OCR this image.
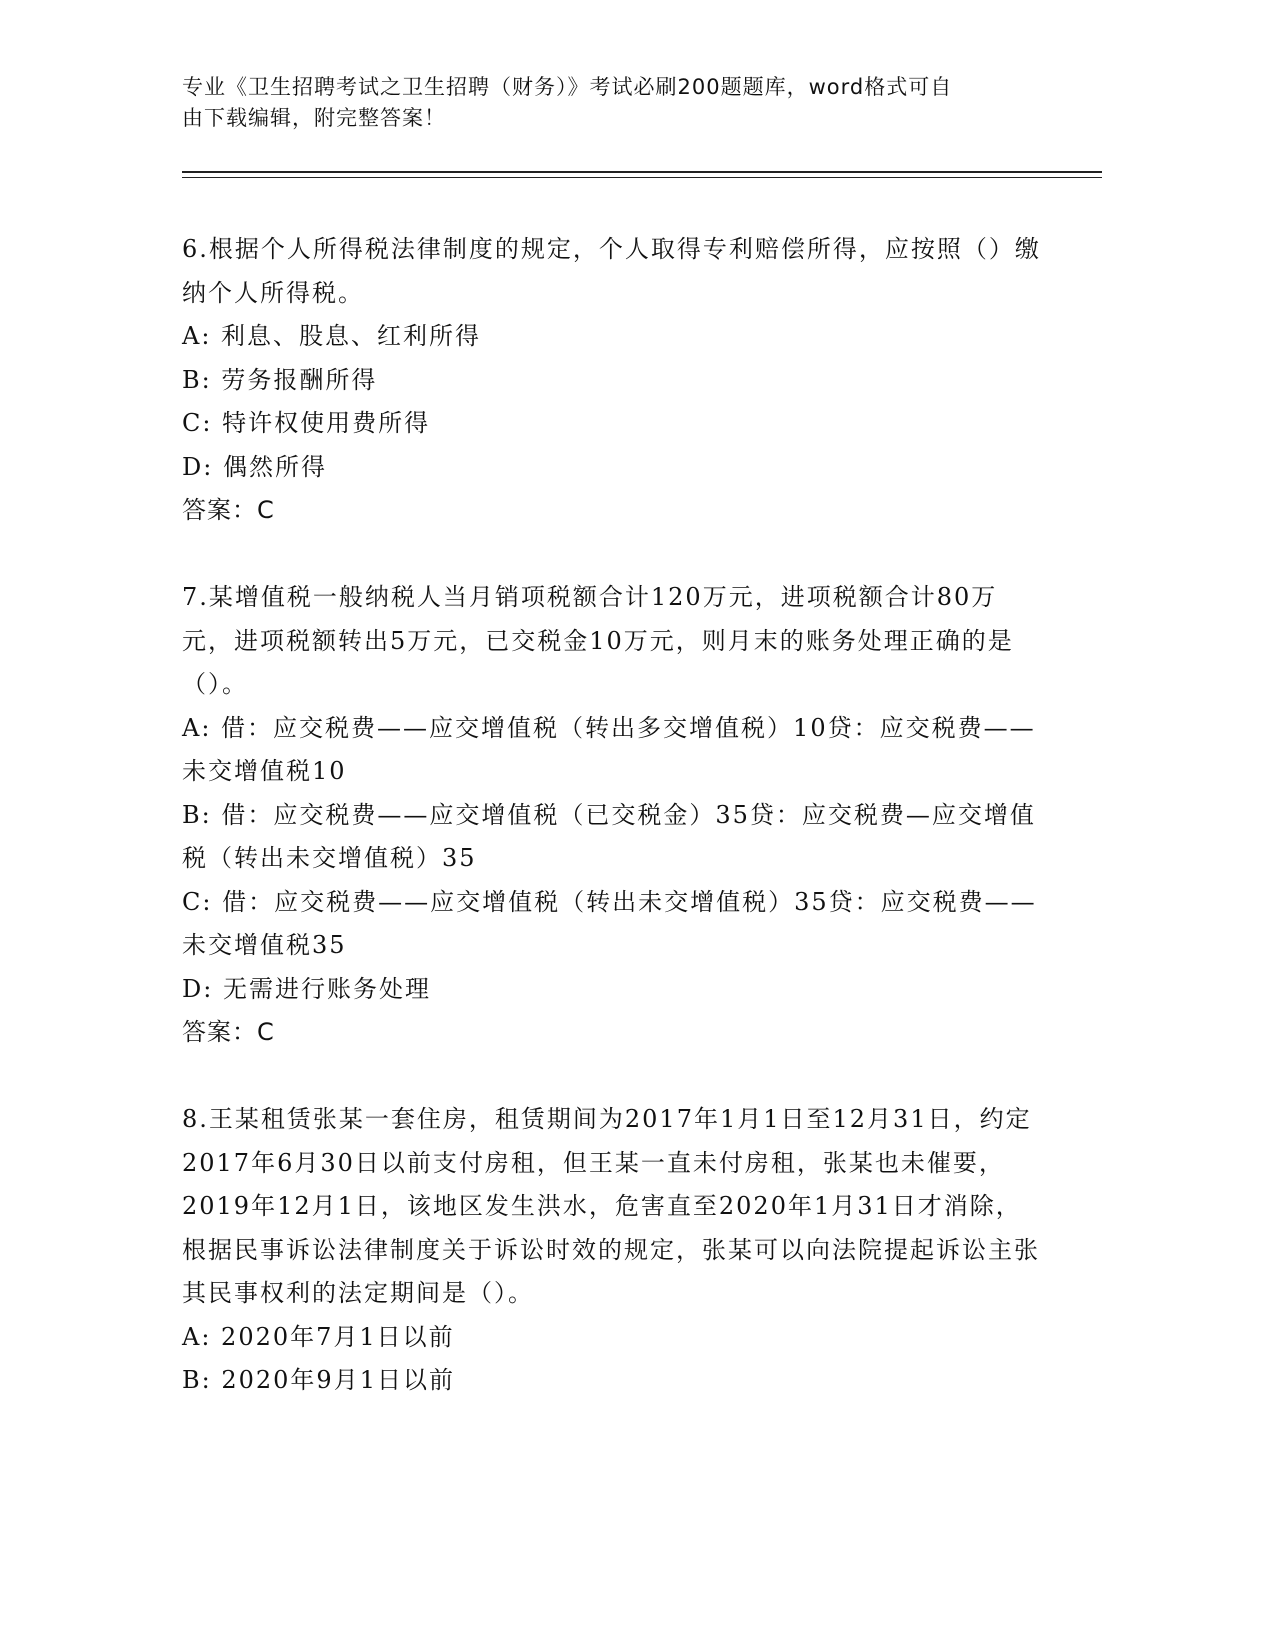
专业《卫生招聘考试之卫生招聘（财务）》考试必刷200题题库，word格式可自
由下载编辑，附完整答案！

6.根据个人所得税法律制度的规定，个人取得专利赔偿所得，应按照（）缴纳个人所得税。

A: 利息、股息、红利所得

B: 劳务报酬所得

C: 特许权使用费所得

D: 偶然所得

答案：C

7.某增值税一般纳税人当月销项税额合计120万元，进项税额合计80万元，进项税额转出5万元，已交税金10万元，则月末的账务处理正确的是（）。

A: 借：应交税费——应交增值税（转出多交增值税）10贷：应交税费——未交增值税10

B: 借：应交税费——应交增值税（已交税金）35贷：应交税费—应交增值税（转出未交增值税）35

C: 借：应交税费——应交增值税（转出未交增值税）35贷：应交税费——未交增值税35

D: 无需进行账务处理

答案：C

8.王某租赁张某一套住房，租赁期间为2017年1月1日至12月31日，约定2017年6月30日以前支付房租，但王某一直未付房租，张某也未催要，2019年12月1日，该地区发生洪水，危害直至2020年1月31日才消除，根据民事诉讼法律制度关于诉讼时效的规定，张某可以向法院提起诉讼主张其民事权利的法定期间是（）。

A: 2020年7月1日以前

B: 2020年9月1日以前
